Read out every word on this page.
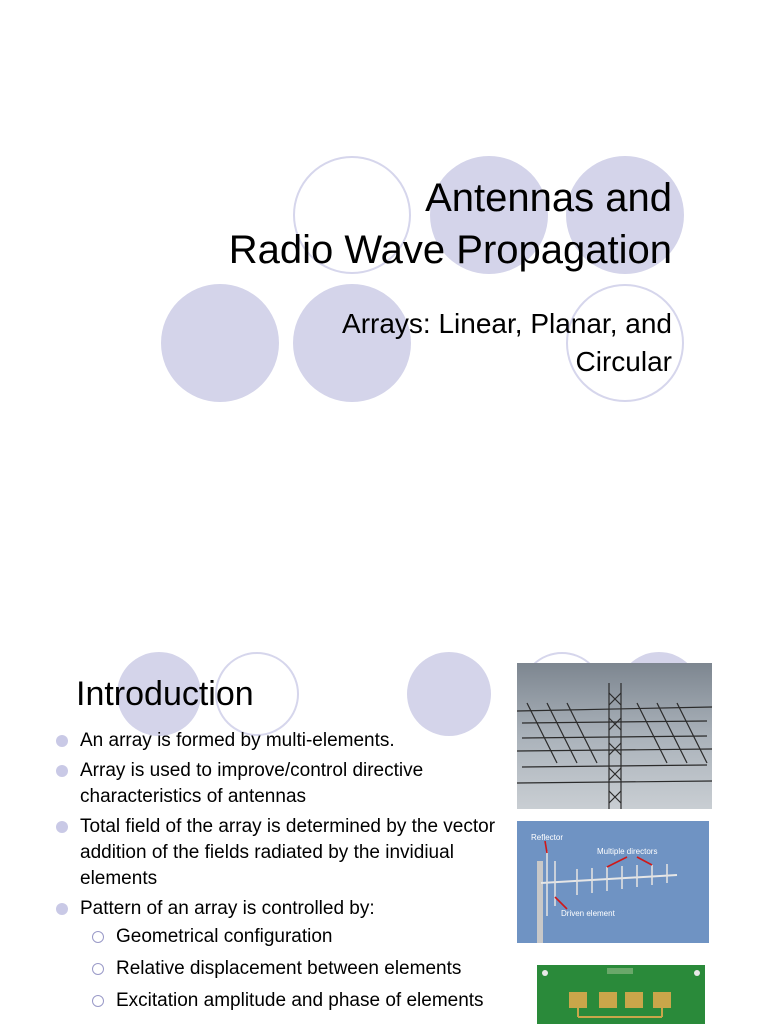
Antennas and
Radio Wave Propagation
Arrays: Linear, Planar, and
Circular
Introduction
An array is formed by multi-elements.
Array is used to improve/control directive characteristics of antennas
Total field of the array is determined by the vector addition of the fields radiated by the invidiual elements
Pattern of an array is controlled by:
Geometrical configuration
Relative displacement between elements
Excitation amplitude and phase of elements
Reflector
Multiple directors
Driven element
